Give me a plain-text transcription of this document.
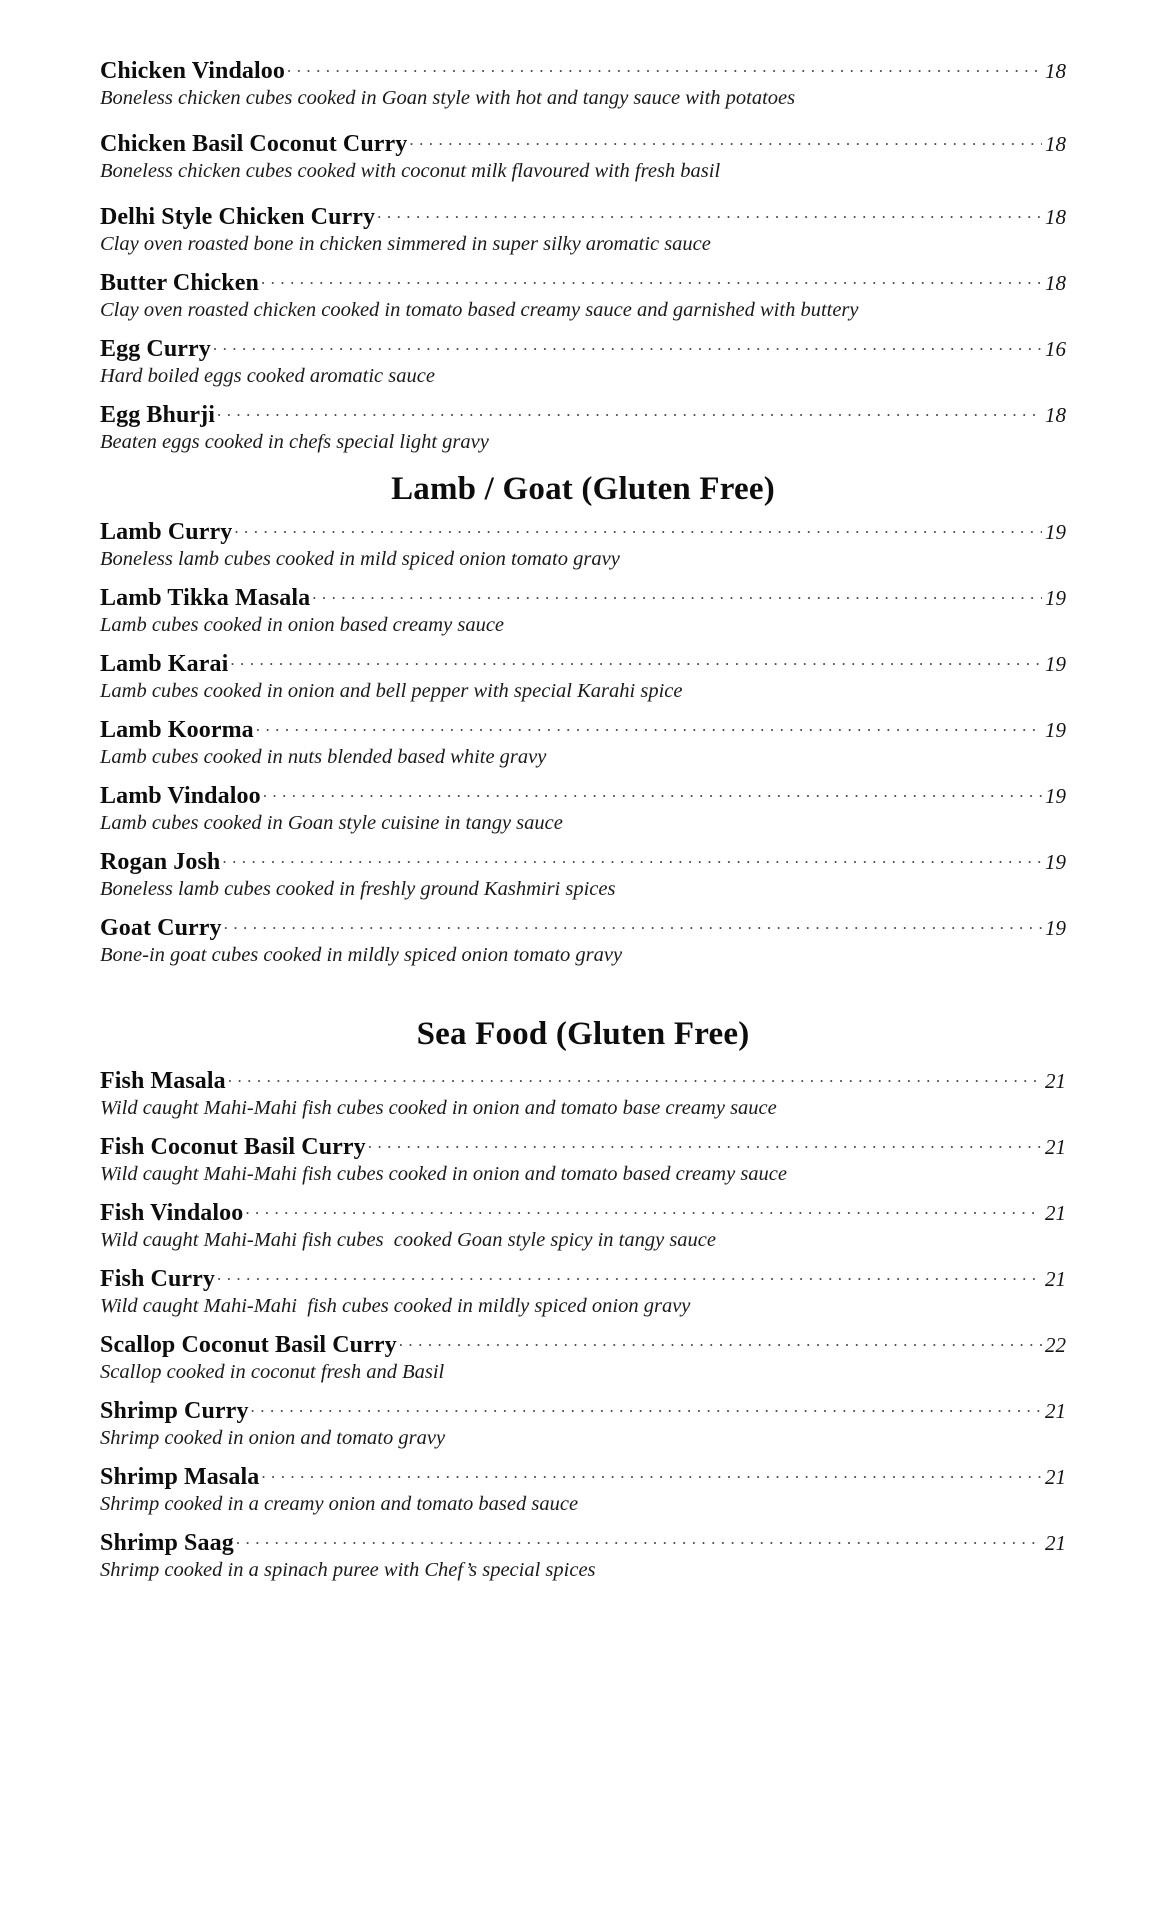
Chicken Vindaloo . . .	18
Boneless chicken cubes cooked in Goan style with hot and tangy sauce with potatoes
Chicken Basil Coconut Curry . . .	18
Boneless chicken cubes cooked with coconut milk flavoured with fresh basil
Delhi Style Chicken Curry . . .	18
Clay oven roasted bone in chicken simmered in super silky aromatic sauce
Butter Chicken . . .	18
Clay oven roasted chicken cooked in tomato based creamy sauce and garnished with buttery
Egg Curry . . .	16
Hard boiled eggs cooked aromatic sauce
Egg Bhurji . . .	18
Beaten eggs cooked in chefs special light gravy
Lamb / Goat (Gluten Free)
Lamb Curry . . .	19
Boneless lamb cubes cooked in mild spiced onion tomato gravy
Lamb Tikka Masala . . .	19
Lamb cubes cooked in onion based creamy sauce
Lamb Karai . . .	19
Lamb cubes cooked in onion and bell pepper with special Karahi spice
Lamb Koorma . . .	19
Lamb cubes cooked in nuts blended based white gravy
Lamb Vindaloo . . .	19
Lamb cubes cooked in Goan style cuisine in tangy sauce
Rogan Josh . . .	19
Boneless lamb cubes cooked in freshly ground Kashmiri spices
Goat Curry . . .	19
Bone-in goat cubes cooked in mildly spiced onion tomato gravy
Sea Food (Gluten Free)
Fish Masala . . .	21
Wild caught Mahi-Mahi fish cubes cooked in onion and tomato base creamy sauce
Fish Coconut Basil Curry . . .	21
Wild caught Mahi-Mahi fish cubes cooked in onion and tomato based creamy sauce
Fish Vindaloo . . .	21
Wild caught Mahi-Mahi fish cubes  cooked Goan style spicy in tangy sauce
Fish Curry . . .	21
Wild caught Mahi-Mahi  fish cubes cooked in mildly spiced onion gravy
Scallop Coconut Basil Curry . . .	22
Scallop cooked in coconut fresh and Basil
Shrimp Curry . . .	21
Shrimp cooked in onion and tomato gravy
Shrimp Masala . . .	21
Shrimp cooked in a creamy onion and tomato based sauce
Shrimp Saag . . .	21
Shrimp cooked in a spinach puree with Chef’s special spices
